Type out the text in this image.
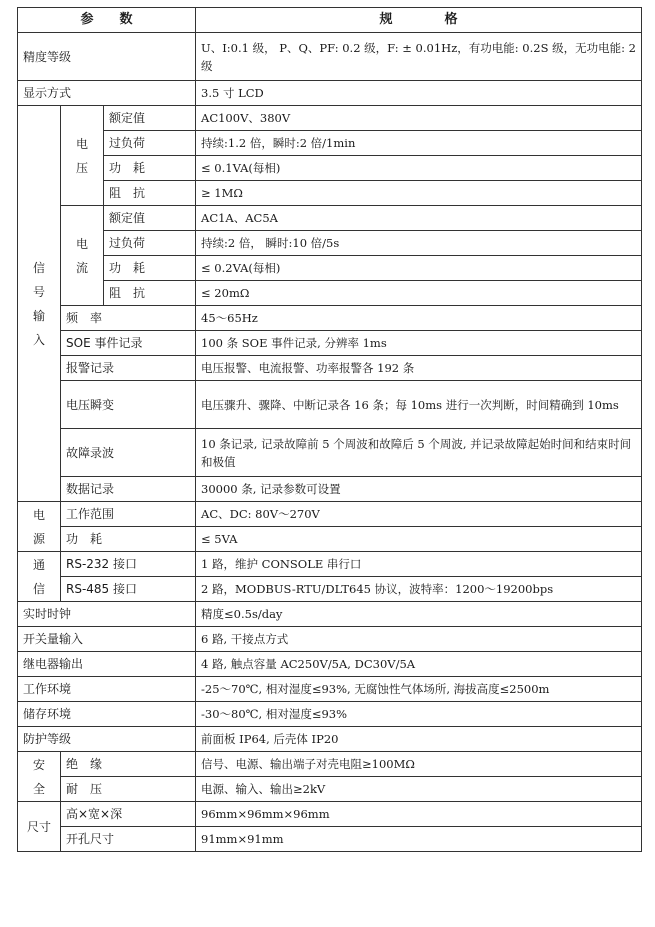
参　　数			规　　　　格
精度等级			U、I:0.1 级， P、Q、PF: 0.2 级，F: ± 0.01Hz，有功电能: 0.2S 级，无功电能: 2 级
显示方式			3.5 寸 LCD
信号输入	电压	额定值	AC100V、380V
		过负荷	持续:1.2 倍，瞬时:2 倍/1min
		功　耗	≤ 0.1VA(每相)
		阻　抗	≥ 1MΩ
	电流	额定值	AC1A、AC5A
		过负荷	持续:2 倍， 瞬时:10 倍/5s
		功　耗	≤ 0.2VA(每相)
		阻　抗	≤ 20mΩ
	频　率		45～65Hz
	SOE 事件记录		100 条 SOE 事件记录, 分辨率 1ms
	报警记录		电压报警、电流报警、功率报警各 192 条
	电压瞬变		电压骤升、骤降、中断记录各 16 条；每 10ms 进行一次判断，时间精确到 10ms
	故障录波		10 条记录, 记录故障前 5 个周波和故障后 5 个周波, 并记录故障起始时间和结束时间和极值
	数据记录		30000 条, 记录参数可设置
电源	工作范围		AC、DC: 80V～270V
	功　耗		≤ 5VA
通信	RS-232 接口		1 路，维护 CONSOLE 串行口
	RS-485 接口		2 路，MODBUS-RTU/DLT645 协议，波特率：1200～19200bps
实时时钟			精度≤0.5s/day
开关量输入			6 路, 干接点方式
继电器输出			4 路, 触点容量 AC250V/5A, DC30V/5A
工作环境			-25～70℃, 相对湿度≤93%, 无腐蚀性气体场所, 海拔高度≤2500m
储存环境			-30～80℃, 相对湿度≤93%
防护等级			前面板 IP64, 后壳体 IP20
安全	绝　缘		信号、电源、输出端子对壳电阻≥100MΩ
	耐　压		电源、输入、输出≥2kV
尺寸	高×宽×深		96mm×96mm×96mm
	开孔尺寸		91mm×91mm
